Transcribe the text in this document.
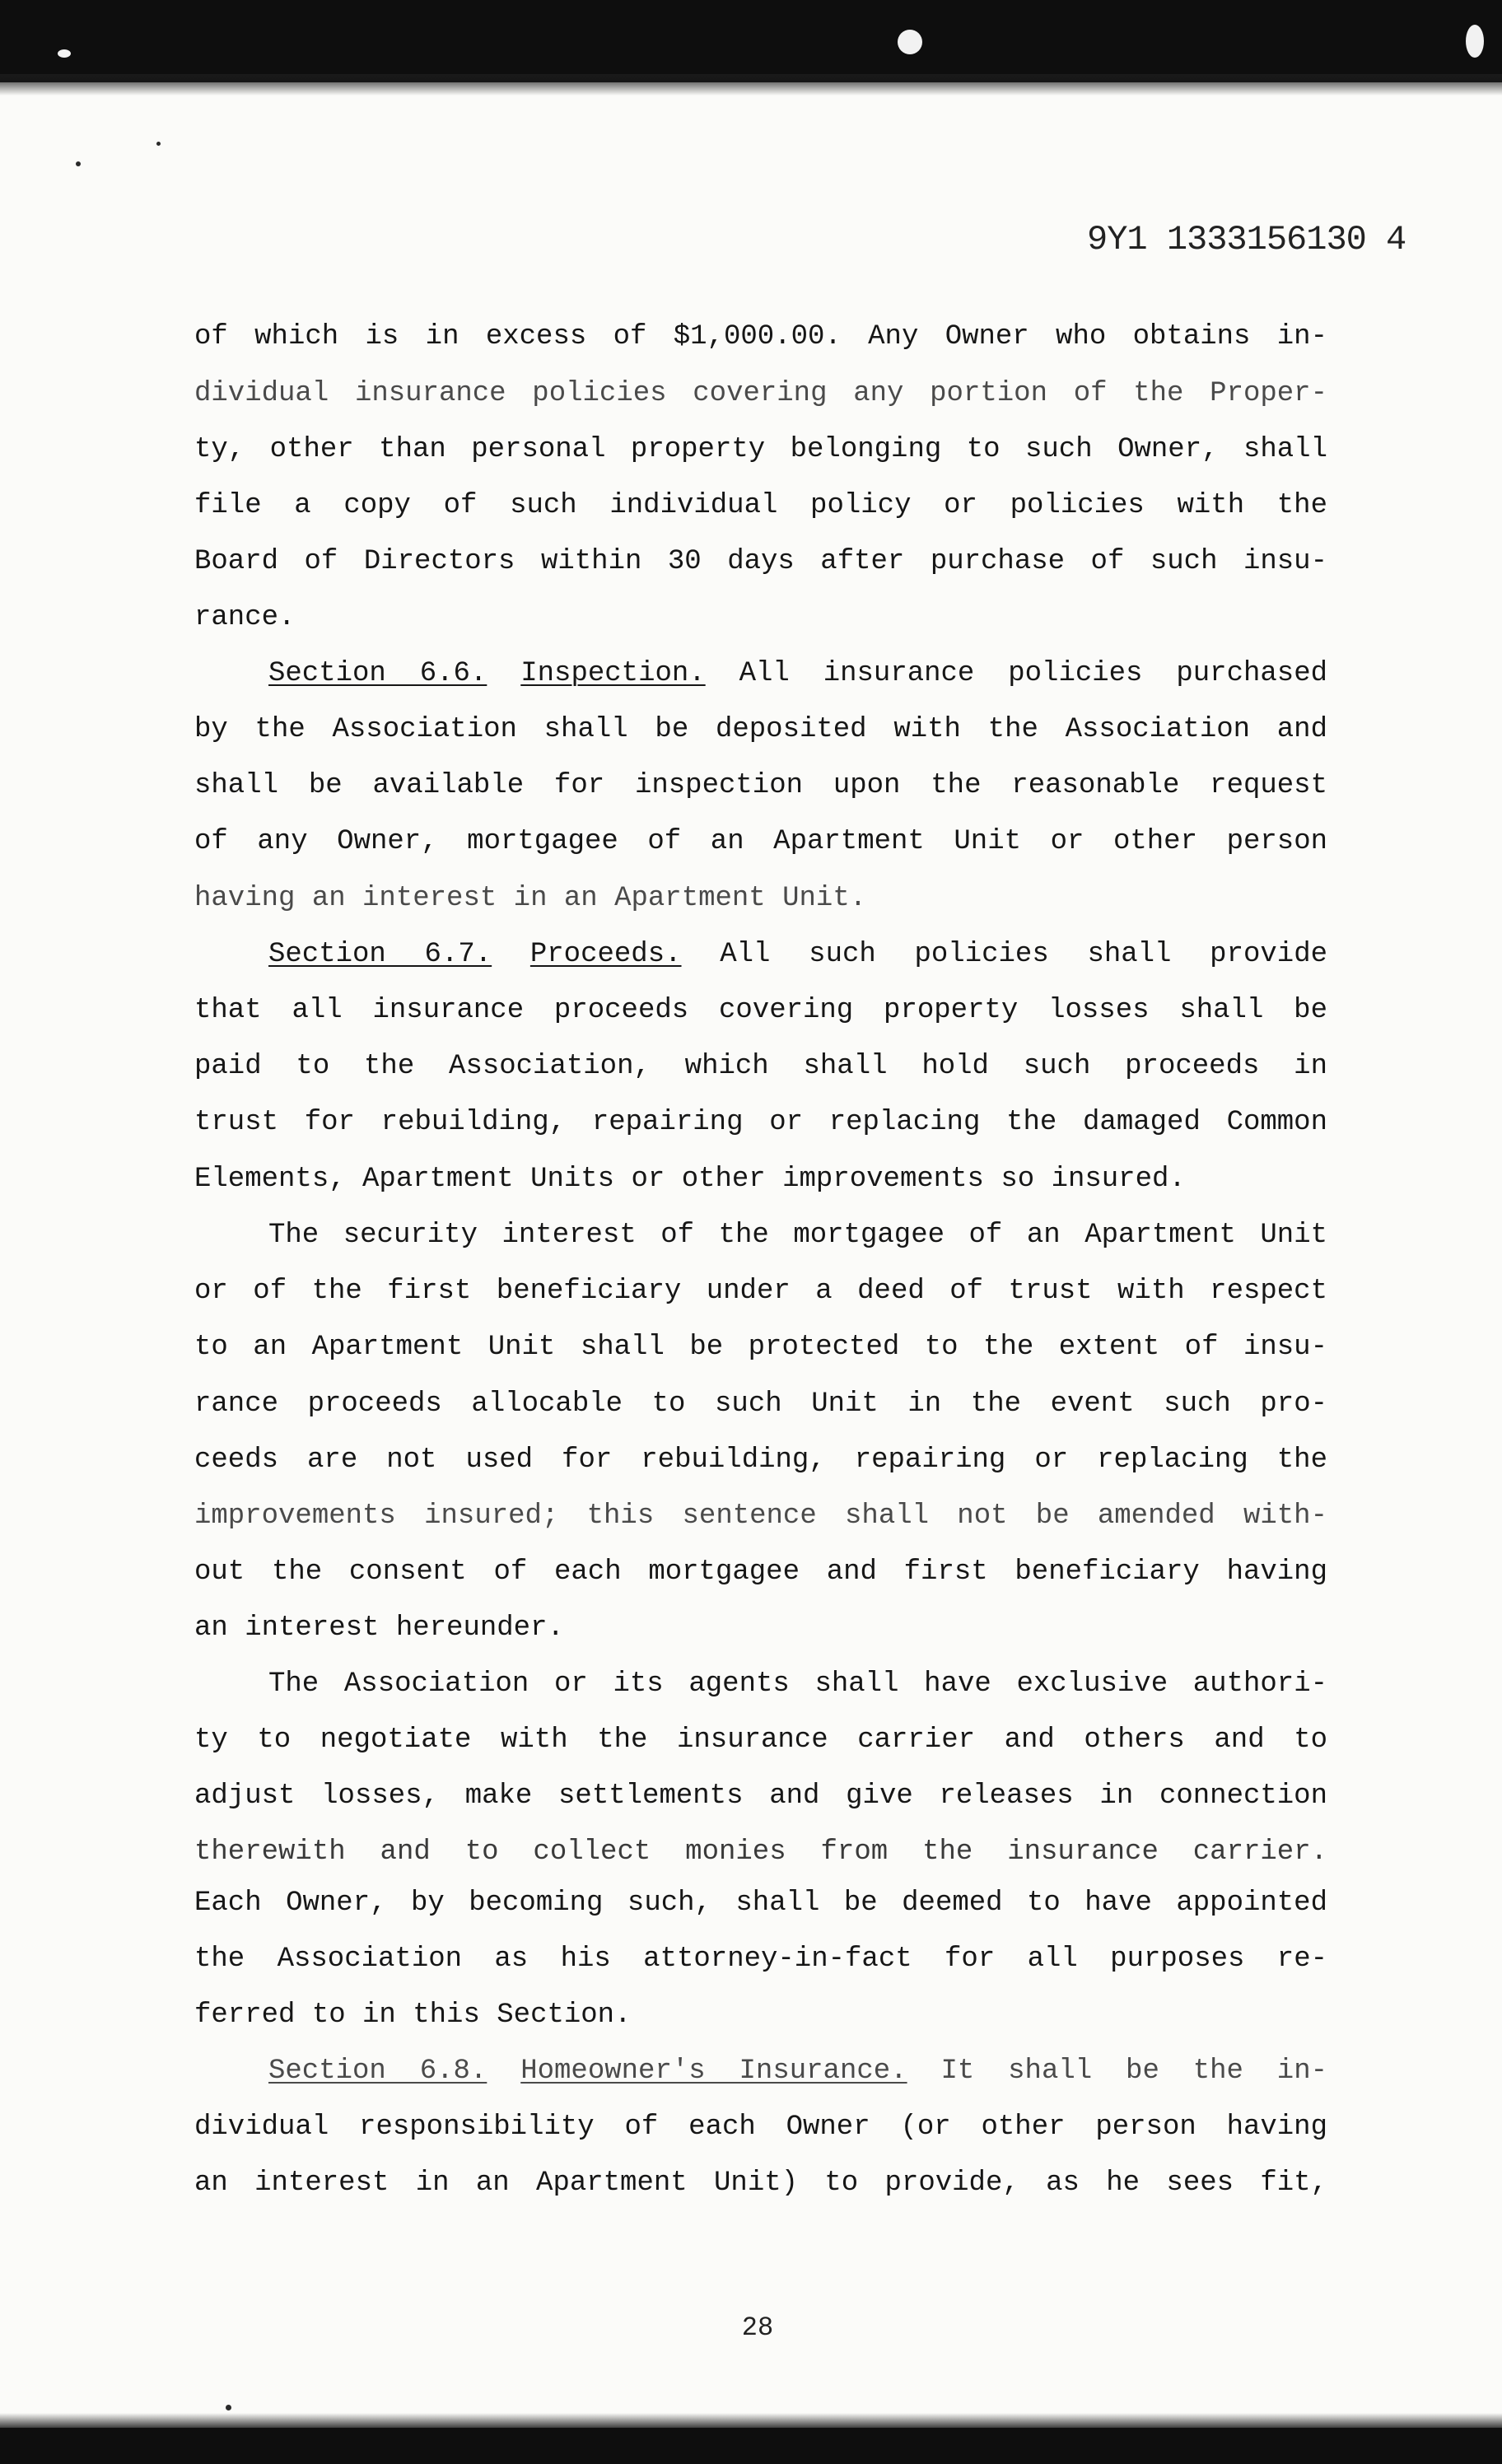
9Y1 1333156130 4
of which is in excess of $1,000.00. Any Owner who obtains in-
dividual insurance policies covering any portion of the Proper-
ty, other than personal property belonging to such Owner, shall
file a copy of such individual policy or policies with the
Board of Directors within 30 days after purchase of such insu-
rance.
Section 6.6. Inspection. All insurance policies purchased
by the Association shall be deposited with the Association and
shall be available for inspection upon the reasonable request
of any Owner, mortgagee of an Apartment Unit or other person
having an interest in an Apartment Unit.
Section 6.7. Proceeds. All such policies shall provide
that all insurance proceeds covering property losses shall be
paid to the Association, which shall hold such proceeds in
trust for rebuilding, repairing or replacing the damaged Common
Elements, Apartment Units or other improvements so insured.
The security interest of the mortgagee of an Apartment Unit
or of the first beneficiary under a deed of trust with respect
to an Apartment Unit shall be protected to the extent of insu-
rance proceeds allocable to such Unit in the event such pro-
ceeds are not used for rebuilding, repairing or replacing the
improvements insured; this sentence shall not be amended with-
out the consent of each mortgagee and first beneficiary having
an interest hereunder.
The Association or its agents shall have exclusive authori-
ty to negotiate with the insurance carrier and others and to
adjust losses, make settlements and give releases in connection
therewith and to collect monies from the insurance carrier.
Each Owner, by becoming such, shall be deemed to have appointed
the Association as his attorney-in-fact for all purposes re-
ferred to in this Section.
Section 6.8. Homeowner's Insurance. It shall be the in-
dividual responsibility of each Owner (or other person having
an interest in an Apartment Unit) to provide, as he sees fit,
28
